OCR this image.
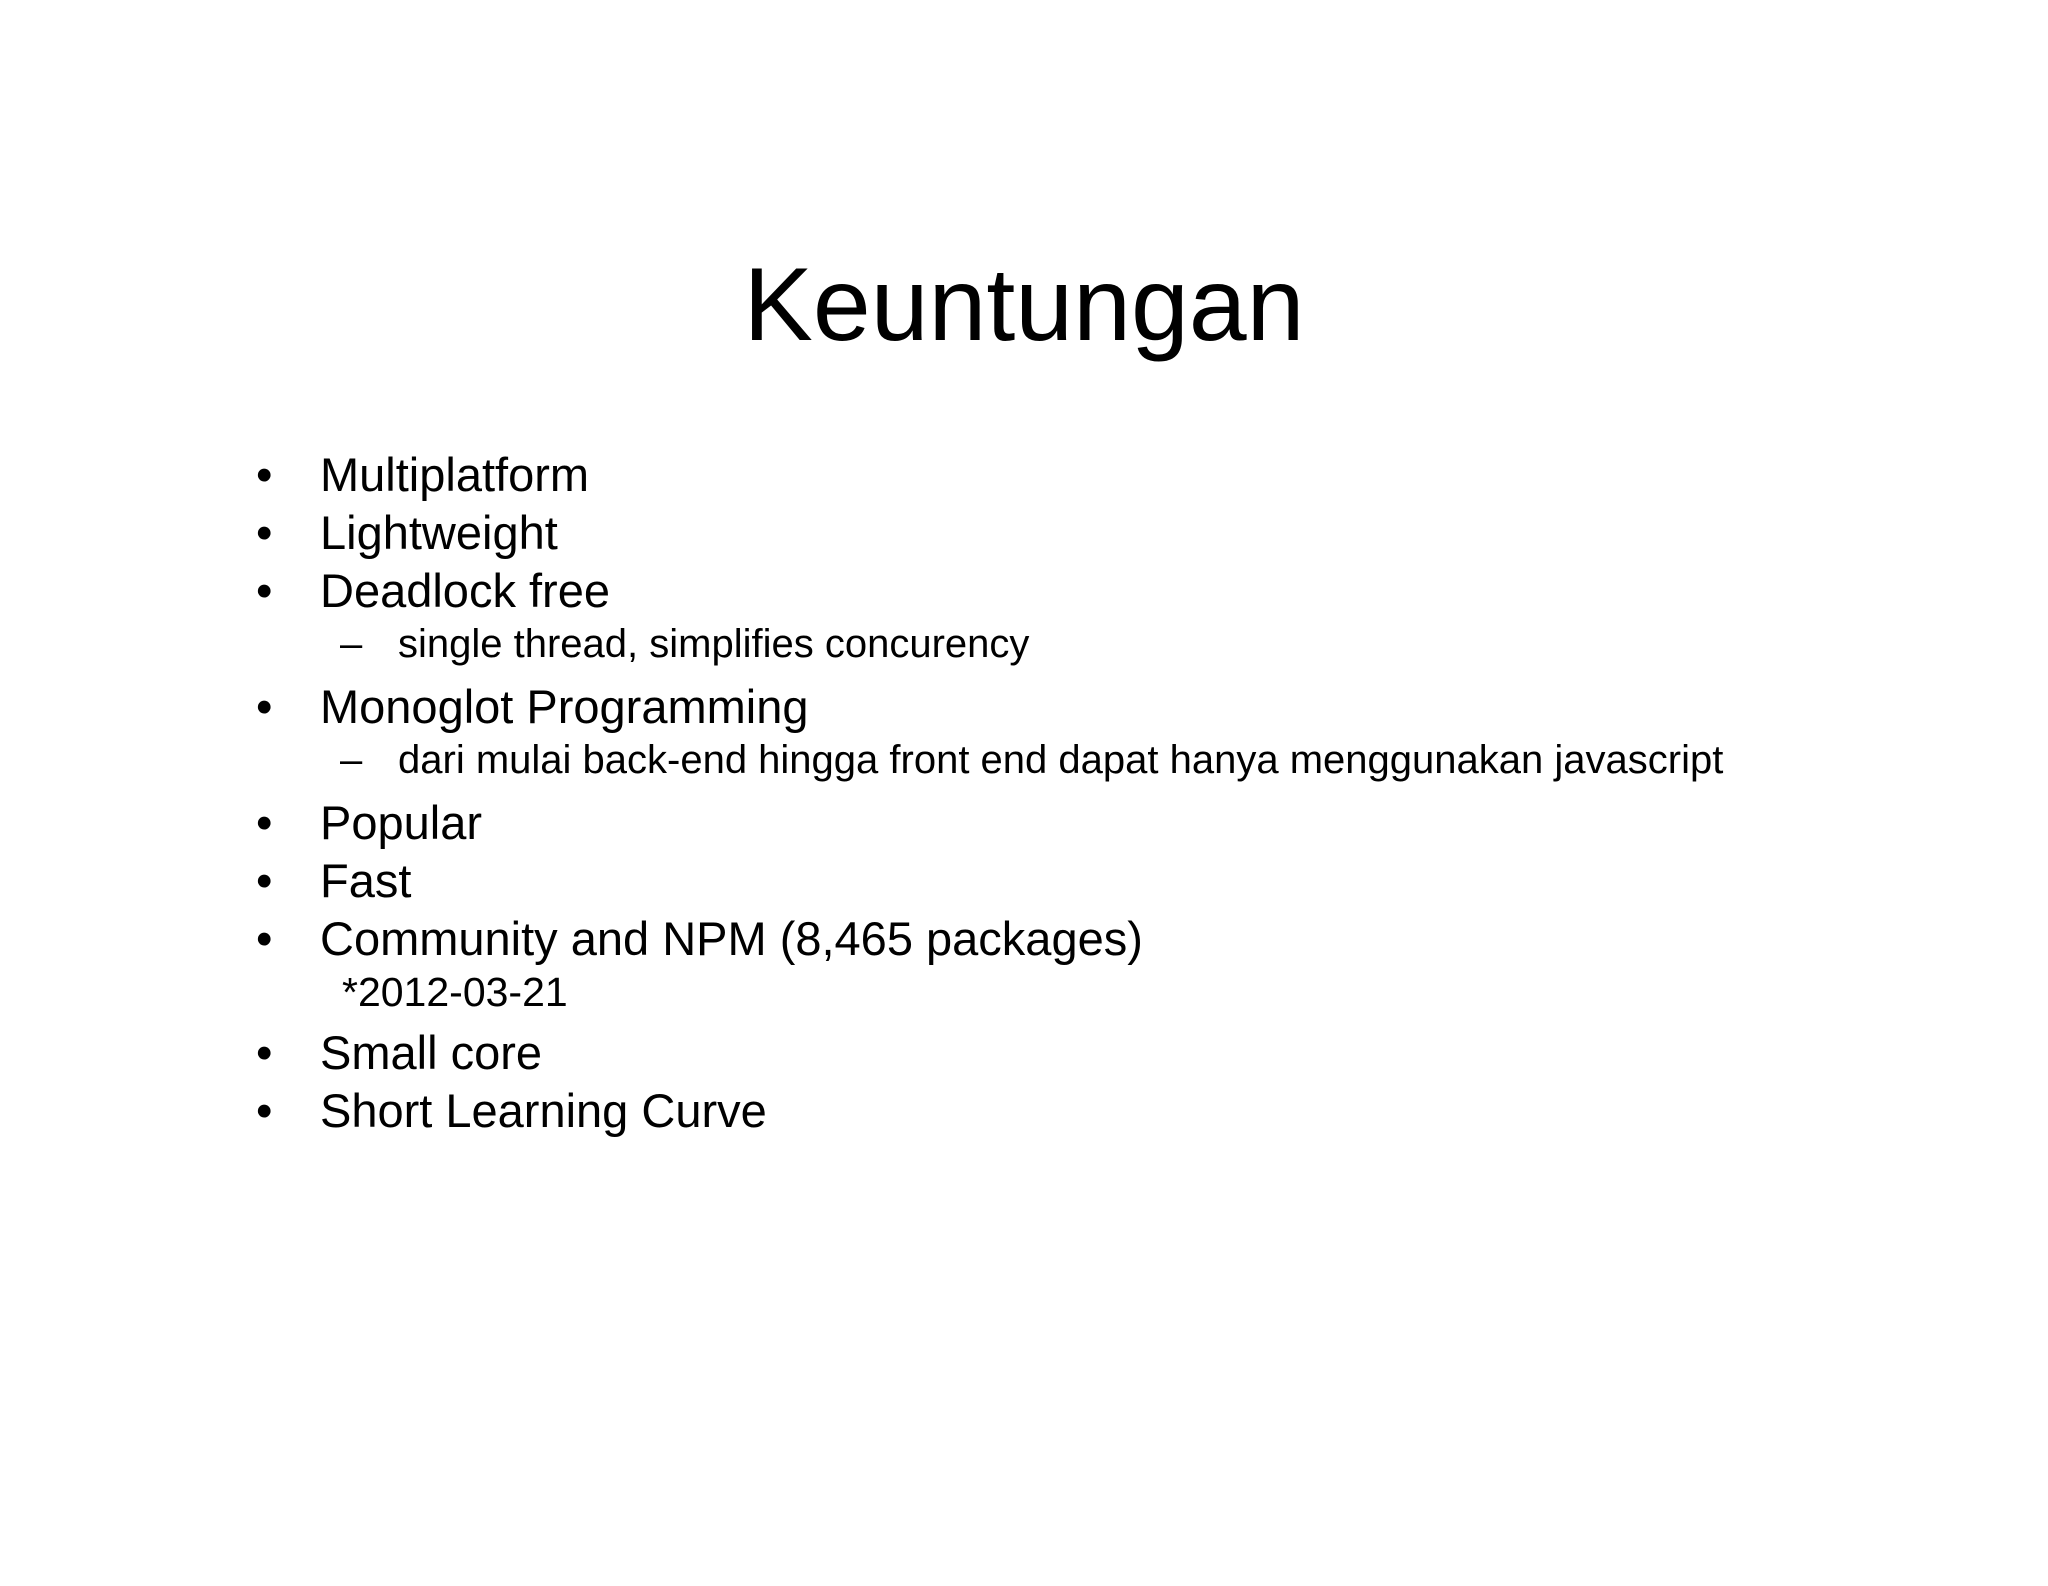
Keuntungan
• Multiplatform
• Lightweight
• Deadlock free
– single thread, simplifies concurency
• Monoglot Programming
– dari mulai back-end hingga front end dapat hanya menggunakan javascript
• Popular
• Fast
• Community and NPM (8,465 packages)
*2012-03-21
• Small core
• Short Learning Curve
